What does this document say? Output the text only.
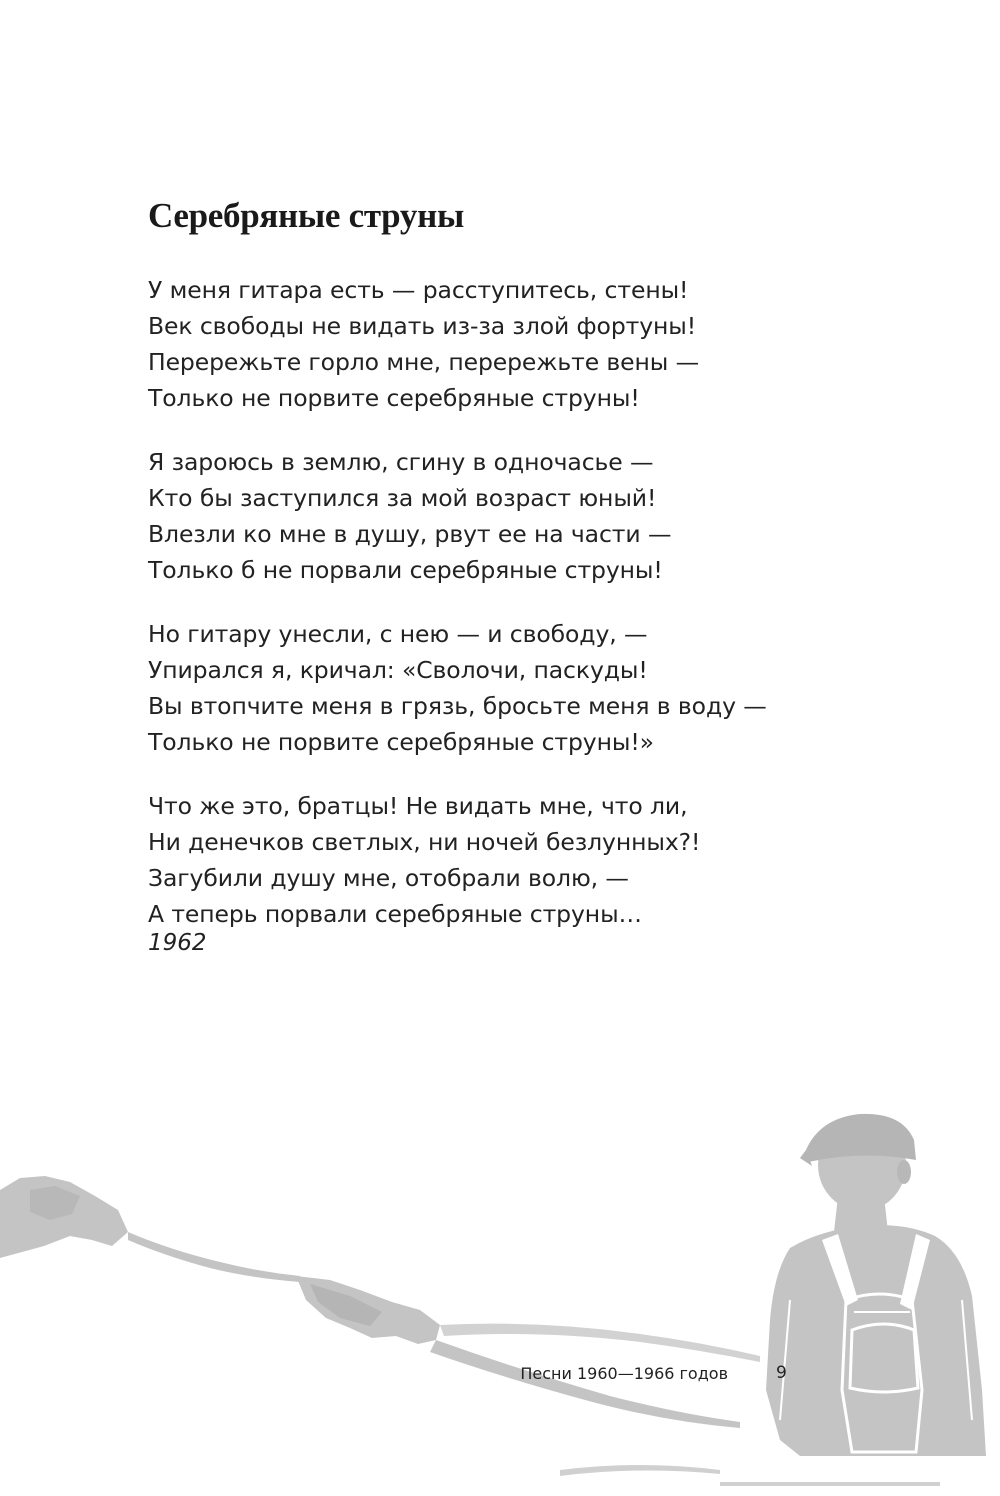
Серебряные струны
У меня гитара есть — расступитесь, стены!
Век свободы не видать из-за злой фортуны!
Перережьте горло мне, перережьте вены —
Только не порвите серебряные струны!
Я зароюсь в землю, сгину в одночасье —
Кто бы заступился за мой возраст юный!
Влезли ко мне в душу, рвут ее на части —
Только б не порвали серебряные струны!
Но гитару унесли, с нею — и свободу, —
Упирался я, кричал: «Сволочи, паскуды!
Вы втопчите меня в грязь, бросьте меня в воду —
Только не порвите серебряные струны!»
Что же это, братцы! Не видать мне, что ли,
Ни денечков светлых, ни ночей безлунных?!
Загубили душу мне, отобрали волю, —
А теперь порвали серебряные струны…
1962
Песни 1960—1966 годов	9
